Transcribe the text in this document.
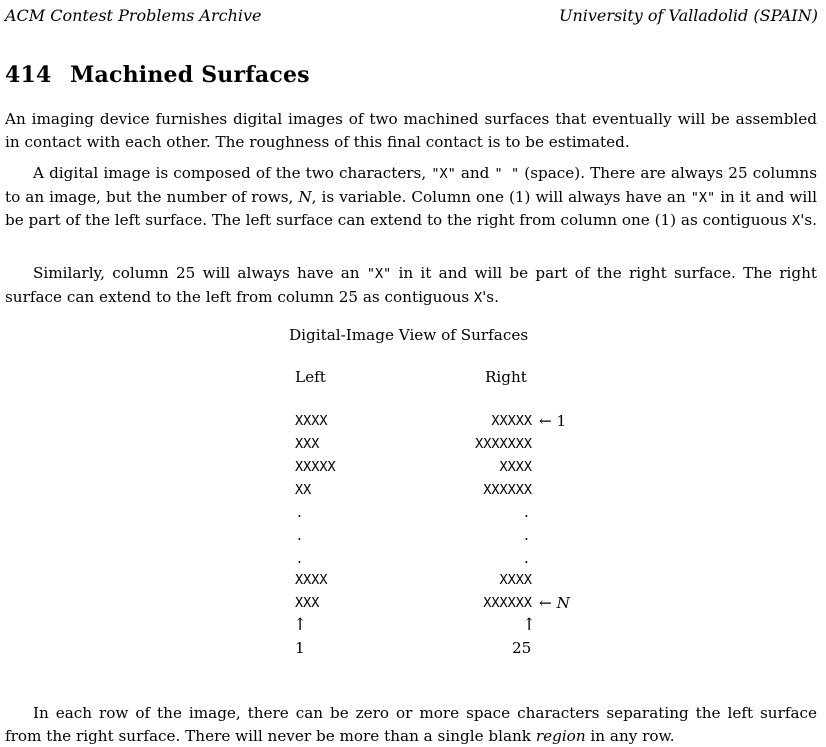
ACM Contest Problems Archive	University of Valladolid (SPAIN)
414 Machined Surfaces
An imaging device furnishes digital images of two machined surfaces that eventually will be assembled in contact with each other. The roughness of this final contact is to be estimated.
A digital image is composed of the two characters, "X" and " " (space). There are always 25 columns to an image, but the number of rows, N, is variable. Column one (1) will always have an "X" in it and will be part of the left surface. The left surface can extend to the right from column one (1) as contiguous X's.
Similarly, column 25 will always have an "X" in it and will be part of the right surface. The right surface can extend to the left from column 25 as contiguous X's.
Digital-Image View of Surfaces
Left	Right
XXXX	XXXXX ← 1
XXX	XXXXXXX
XXXXX	XXXX
XX	XXXXXX
.	.
.	.
.	.
XXXX	XXXX
XXX	XXXXXX ← N
↑	↑
1	25
In each row of the image, there can be zero or more space characters separating the left surface from the right surface. There will never be more than a single blank region in any row.
